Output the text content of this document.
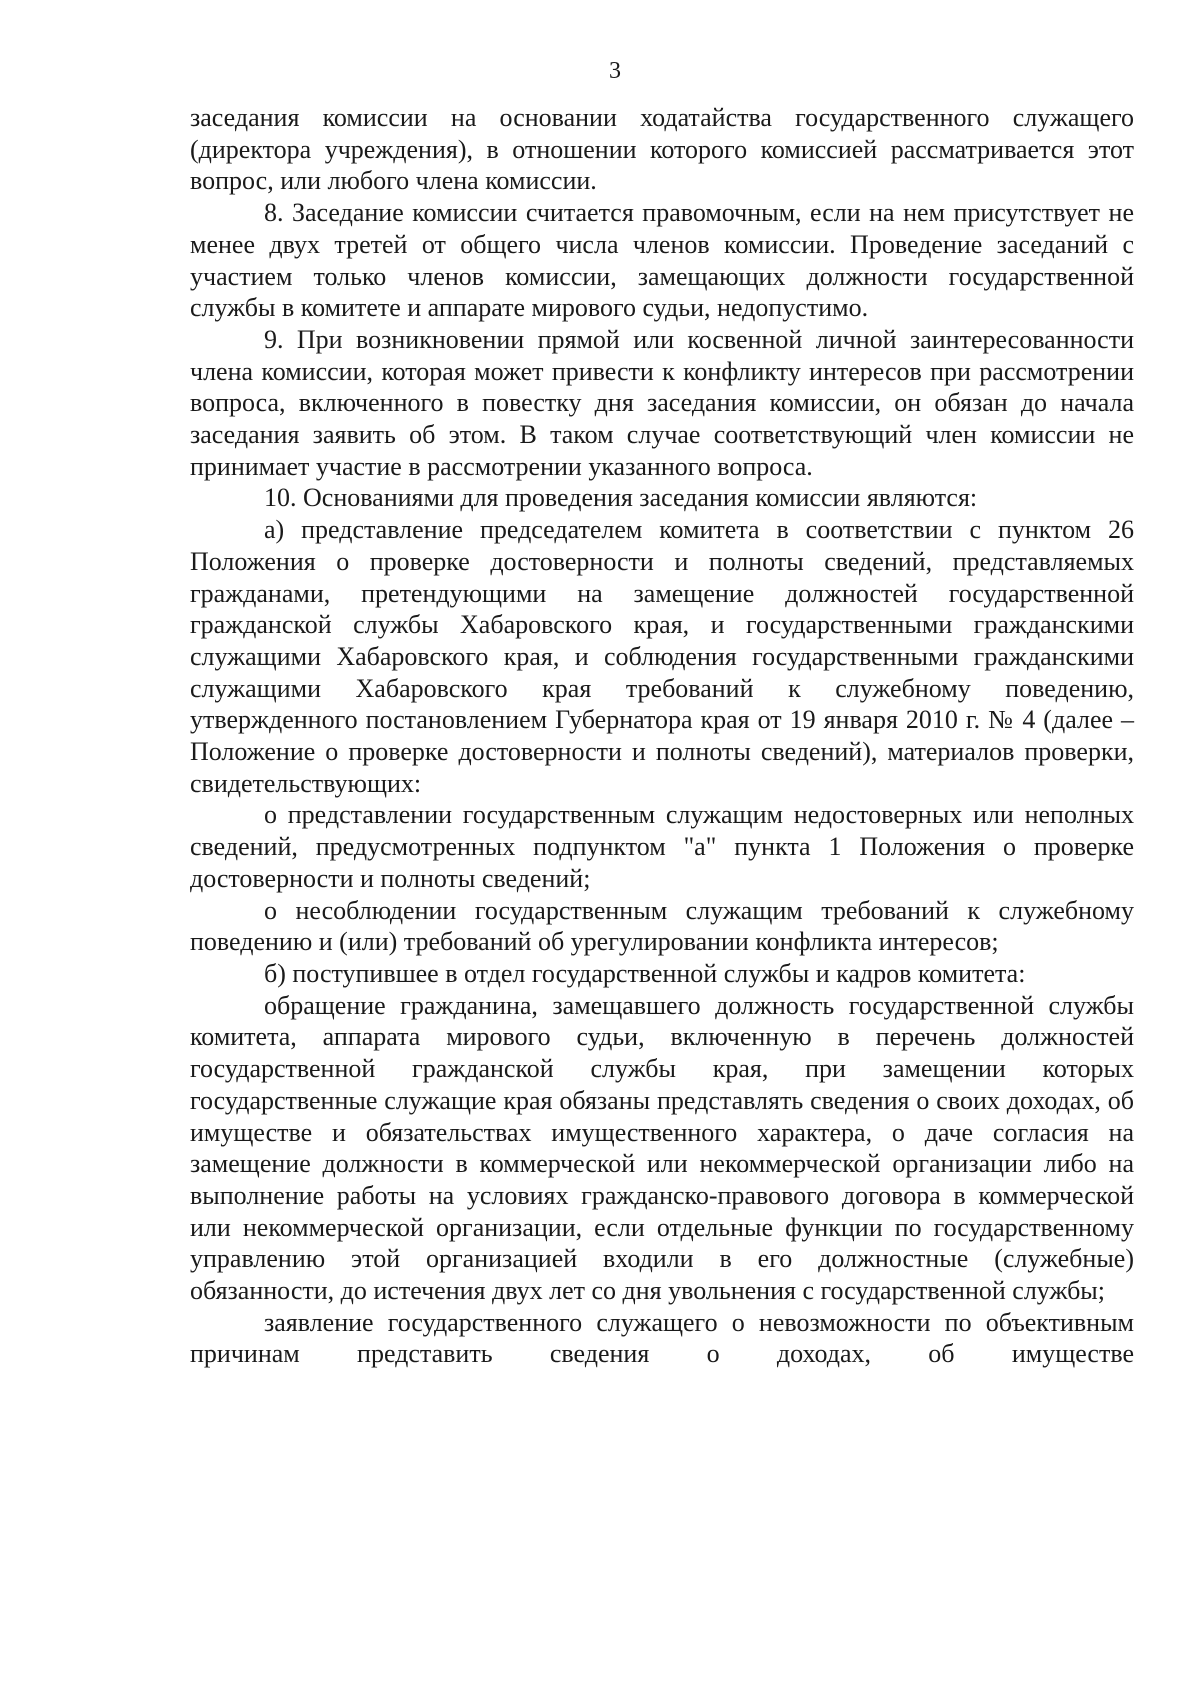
3

заседания комиссии на основании ходатайства государственного служащего (директора учреждения), в отношении которого комиссией рассматривается этот вопрос, или любого члена комиссии.

8. Заседание комиссии считается правомочным, если на нем присутствует не менее двух третей от общего числа членов комиссии. Проведение заседаний с участием только членов комиссии, замещающих должности государственной службы в комитете и аппарате мирового судьи, недопустимо.

9. При возникновении прямой или косвенной личной заинтересованности члена комиссии, которая может привести к конфликту интересов при рассмотрении вопроса, включенного в повестку дня заседания комиссии, он обязан до начала заседания заявить об этом. В таком случае соответствующий член комиссии не принимает участие в рассмотрении указанного вопроса.

10. Основаниями для проведения заседания комиссии являются:

а) представление председателем комитета в соответствии с пунктом 26 Положения о проверке достоверности и полноты сведений, представляемых гражданами, претендующими на замещение должностей государственной гражданской службы Хабаровского края, и государственными гражданскими служащими Хабаровского края, и соблюдения государственными гражданскими служащими Хабаровского края требований к служебному поведению, утвержденного постановлением Губернатора края от 19 января 2010 г. № 4 (далее – Положение о проверке достоверности и полноты сведений), материалов проверки, свидетельствующих:

о представлении государственным служащим недостоверных или неполных сведений, предусмотренных подпунктом "а" пункта 1 Положения о проверке достоверности и полноты сведений;

о несоблюдении государственным служащим требований к служебному поведению и (или) требований об урегулировании конфликта интересов;

б) поступившее в отдел государственной службы и кадров комитета:

обращение гражданина, замещавшего должность государственной службы комитета, аппарата мирового судьи, включенную в перечень должностей государственной гражданской службы края, при замещении которых государственные служащие края обязаны представлять сведения о своих доходах, об имуществе и обязательствах имущественного характера, о даче согласия на замещение должности в коммерческой или некоммерческой организации либо на выполнение работы на условиях гражданско-правового договора в коммерческой или некоммерческой организации, если отдельные функции по государственному управлению этой организацией входили в его должностные (служебные) обязанности, до истечения двух лет со дня увольнения с государственной службы;

заявление государственного служащего о невозможности по объективным причинам представить сведения о доходах, об имуществе
